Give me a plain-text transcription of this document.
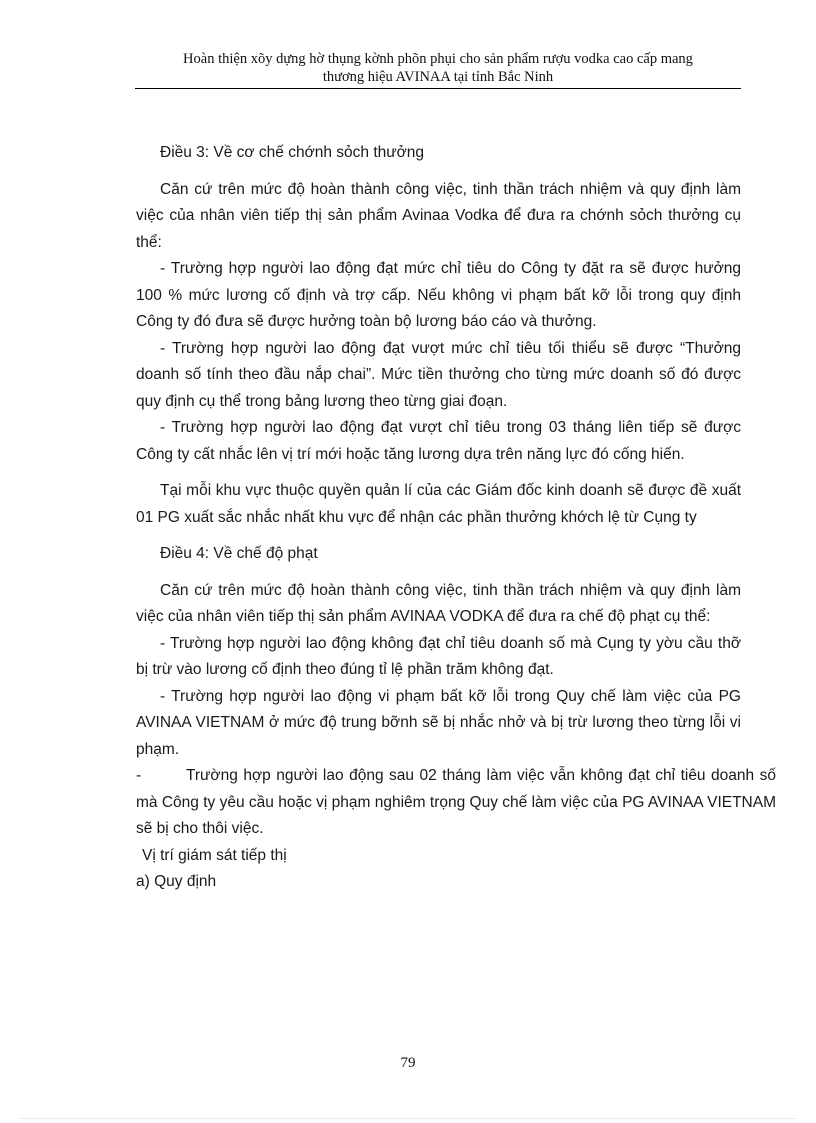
Hoàn thiện xõy dựng hờ thụng kờnh phõn phụi cho sản phẩm rượu vodka cao cấp mang
thương hiệu AVINAA tại tỉnh Bắc Ninh

Điều 3: Về cơ chế chớnh sỏch thưởng

Căn cứ trên mức độ hoàn thành công việc, tinh thần trách nhiệm và quy định làm việc của nhân viên tiếp thị sản phẩm Avinaa Vodka để đưa ra chớnh sỏch thưởng cụ thể:

- Trường hợp người lao động đạt mức chỉ tiêu do Công ty đặt ra sẽ được hưởng 100 % mức lương cố định và trợ cấp. Nếu không vi phạm bất kỡ lỗi trong quy định Công ty đó đưa sẽ được hưởng toàn bộ lương báo cáo và thưởng.

- Trường hợp người lao động đạt vượt mức chỉ tiêu tối thiểu sẽ được “Thưởng doanh số tính theo đầu nắp chai”. Mức tiền thưởng cho từng mức doanh số đó được quy định cụ thể trong bảng lương theo từng giai đoạn.

- Trường hợp người lao động đạt vượt chỉ tiêu trong 03 tháng liên tiếp sẽ được Công ty cất nhắc lên vị trí mới hoặc tăng lương dựa trên năng lực đó cống hiến.

Tại mỗi khu vực thuộc quyền quản lí của các Giám đốc kinh doanh sẽ được đề xuất 01 PG xuất sắc nhắc nhất khu vực để nhận các phần thưởng khớch lệ từ Cụng ty

Điều 4: Về chế độ phạt

Căn cứ trên mức độ hoàn thành công việc, tinh thần trách nhiệm và quy định làm việc của nhân viên tiếp thị sản phẩm AVINAA VODKA để đưa ra chế độ phạt cụ thể:

- Trường hợp người lao động không đạt chỉ tiêu doanh số mà Cụng ty yờu cầu thỡ bị trừ vào lương cố định theo đúng tỉ lệ phần trăm không đạt.

- Trường hợp người lao động vi phạm bất kỡ lỗi trong Quy chế làm việc của PG AVINAA VIETNAM ở mức độ trung bỡnh sẽ bị nhắc nhở và bị trừ lương theo từng lỗi vi phạm.

-	Trường hợp người lao động sau 02 tháng làm việc vẫn không đạt chỉ tiêu doanh số mà Công ty yêu cầu hoặc vị phạm nghiêm trọng Quy chế làm việc của PG AVINAA VIETNAM sẽ bị cho thôi việc.

Vị trí giám sát tiếp thị

a) Quy định

79
